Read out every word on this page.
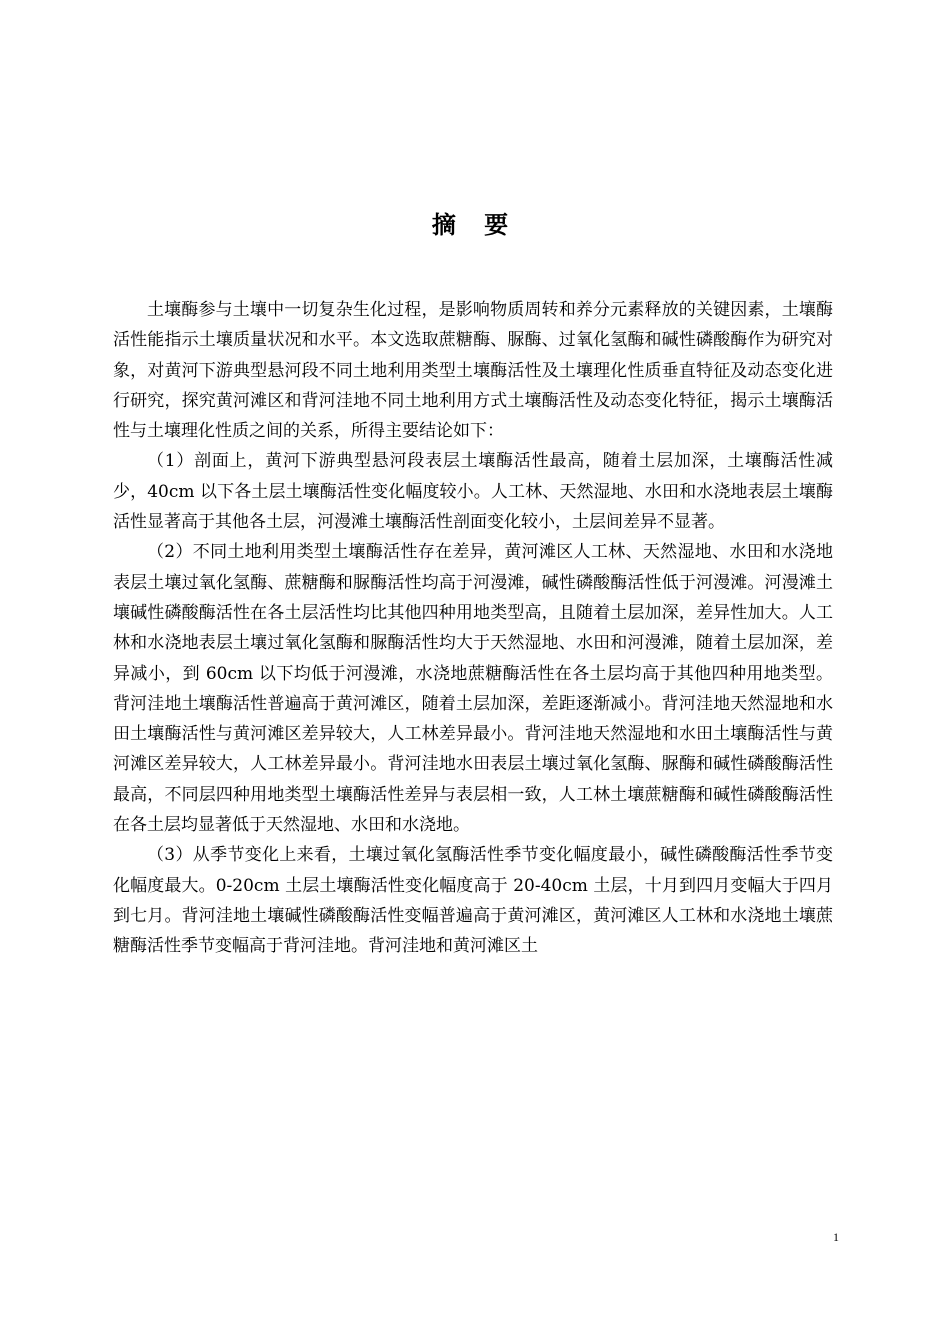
摘 要

土壤酶参与土壤中一切复杂生化过程，是影响物质周转和养分元素释放的关键因素，土壤酶活性能指示土壤质量状况和水平。本文选取蔗糖酶、脲酶、过氧化氢酶和碱性磷酸酶作为研究对象，对黄河下游典型悬河段不同土地利用类型土壤酶活性及土壤理化性质垂直特征及动态变化进行研究，探究黄河滩区和背河洼地不同土地利用方式土壤酶活性及动态变化特征，揭示土壤酶活性与土壤理化性质之间的关系，所得主要结论如下：

（1）剖面上，黄河下游典型悬河段表层土壤酶活性最高，随着土层加深，土壤酶活性减少，40cm 以下各土层土壤酶活性变化幅度较小。人工林、天然湿地、水田和水浇地表层土壤酶活性显著高于其他各土层，河漫滩土壤酶活性剖面变化较小，土层间差异不显著。

（2）不同土地利用类型土壤酶活性存在差异，黄河滩区人工林、天然湿地、水田和水浇地表层土壤过氧化氢酶、蔗糖酶和脲酶活性均高于河漫滩，碱性磷酸酶活性低于河漫滩。河漫滩土壤碱性磷酸酶活性在各土层活性均比其他四种用地类型高，且随着土层加深，差异性加大。人工林和水浇地表层土壤过氧化氢酶和脲酶活性均大于天然湿地、水田和河漫滩，随着土层加深，差异减小，到 60cm 以下均低于河漫滩，水浇地蔗糖酶活性在各土层均高于其他四种用地类型。背河洼地土壤酶活性普遍高于黄河滩区，随着土层加深，差距逐渐减小。背河洼地天然湿地和水田土壤酶活性与黄河滩区差异较大，人工林差异最小。背河洼地天然湿地和水田土壤酶活性与黄河滩区差异较大，人工林差异最小。背河洼地水田表层土壤过氧化氢酶、脲酶和碱性磷酸酶活性最高，不同层四种用地类型土壤酶活性差异与表层相一致，人工林土壤蔗糖酶和碱性磷酸酶活性在各土层均显著低于天然湿地、水田和水浇地。

（3）从季节变化上来看，土壤过氧化氢酶活性季节变化幅度最小，碱性磷酸酶活性季节变化幅度最大。0-20cm 土层土壤酶活性变化幅度高于 20-40cm 土层，十月到四月变幅大于四月到七月。背河洼地土壤碱性磷酸酶活性变幅普遍高于黄河滩区，黄河滩区人工林和水浇地土壤蔗糖酶活性季节变幅高于背河洼地。背河洼地和黄河滩区土

1
